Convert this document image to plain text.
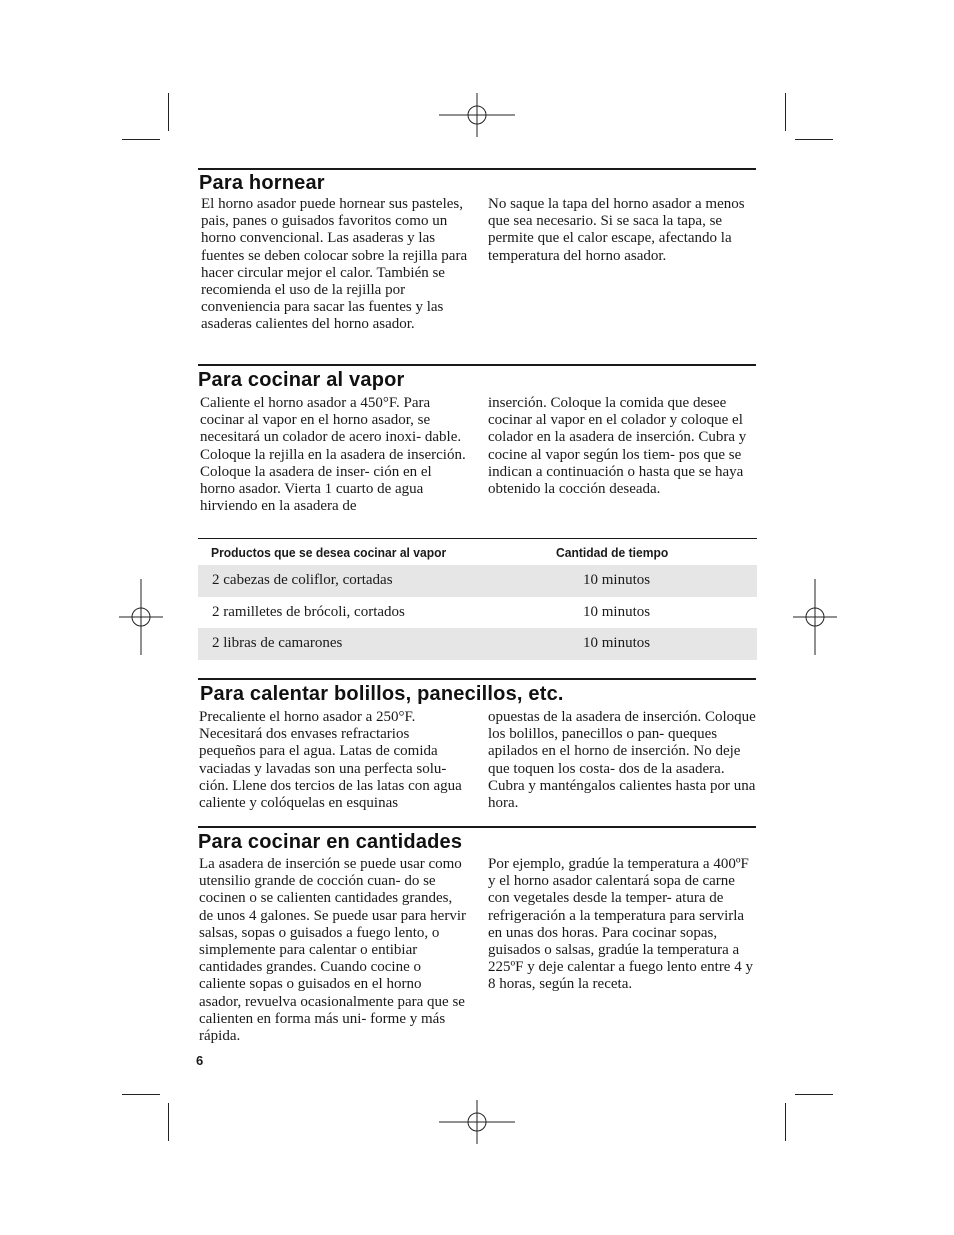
Para hornear

El horno asador puede hornear sus pasteles, pais, panes o guisados favoritos como un horno convencional. Las asaderas y las fuentes se deben colocar sobre la rejilla para hacer circular mejor el calor. También se recomienda el uso de la rejilla por conveniencia para sacar las fuentes y las asaderas calientes del horno asador.

No saque la tapa del horno asador a menos que sea necesario. Si se saca la tapa, se permite que el calor escape, afectando la temperatura del horno asador.

Para cocinar al vapor

Caliente el horno asador a 450°F. Para cocinar al vapor en el horno asador, se necesitará un colador de acero inoxi- dable. Coloque la rejilla en la asadera de inserción. Coloque la asadera de inser- ción en el horno asador. Vierta 1 cuarto de agua hirviendo en la asadera de

inserción. Coloque la comida que desee cocinar al vapor en el colador y coloque el colador en la asadera de inserción. Cubra y cocine al vapor según los tiem- pos que se indican a continuación o hasta que se haya obtenido la cocción deseada.

Productos que se desea cocinar al vapor	Cantidad de tiempo
2 cabezas de coliflor, cortadas	10 minutos
2 ramilletes de brócoli, cortados	10 minutos
2 libras de camarones	10 minutos
Para calentar bolillos, panecillos, etc.

Precaliente el horno asador a 250°F. Necesitará dos envases refractarios pequeños para el agua. Latas de comida vaciadas y lavadas son una perfecta solu- ción. Llene dos tercios de las latas con agua caliente y colóquelas en esquinas

opuestas de la asadera de inserción. Coloque los bolillos, panecillos o pan- queques apilados en el horno de inserción. No deje que toquen los costa- dos de la asadera. Cubra y manténgalos calientes hasta por una hora.

Para cocinar en cantidades

La asadera de inserción se puede usar como utensilio grande de cocción cuan- do se cocinen o se calienten cantidades grandes, de unos 4 galones. Se puede usar para hervir salsas, sopas o guisados a fuego lento, o simplemente para calentar o entibiar cantidades grandes. Cuando cocine o caliente sopas o guisados en el horno asador, revuelva ocasionalmente para que se calienten en forma más uni- forme y más rápida.

Por ejemplo, gradúe la temperatura a 400ºF y el horno asador calentará sopa de carne con vegetales desde la temper- atura de refrigeración a la temperatura para servirla en unas dos horas. Para cocinar sopas, guisados o salsas, gradúe la temperatura a 225ºF y deje calentar a fuego lento entre 4 y 8 horas, según la receta.

6
